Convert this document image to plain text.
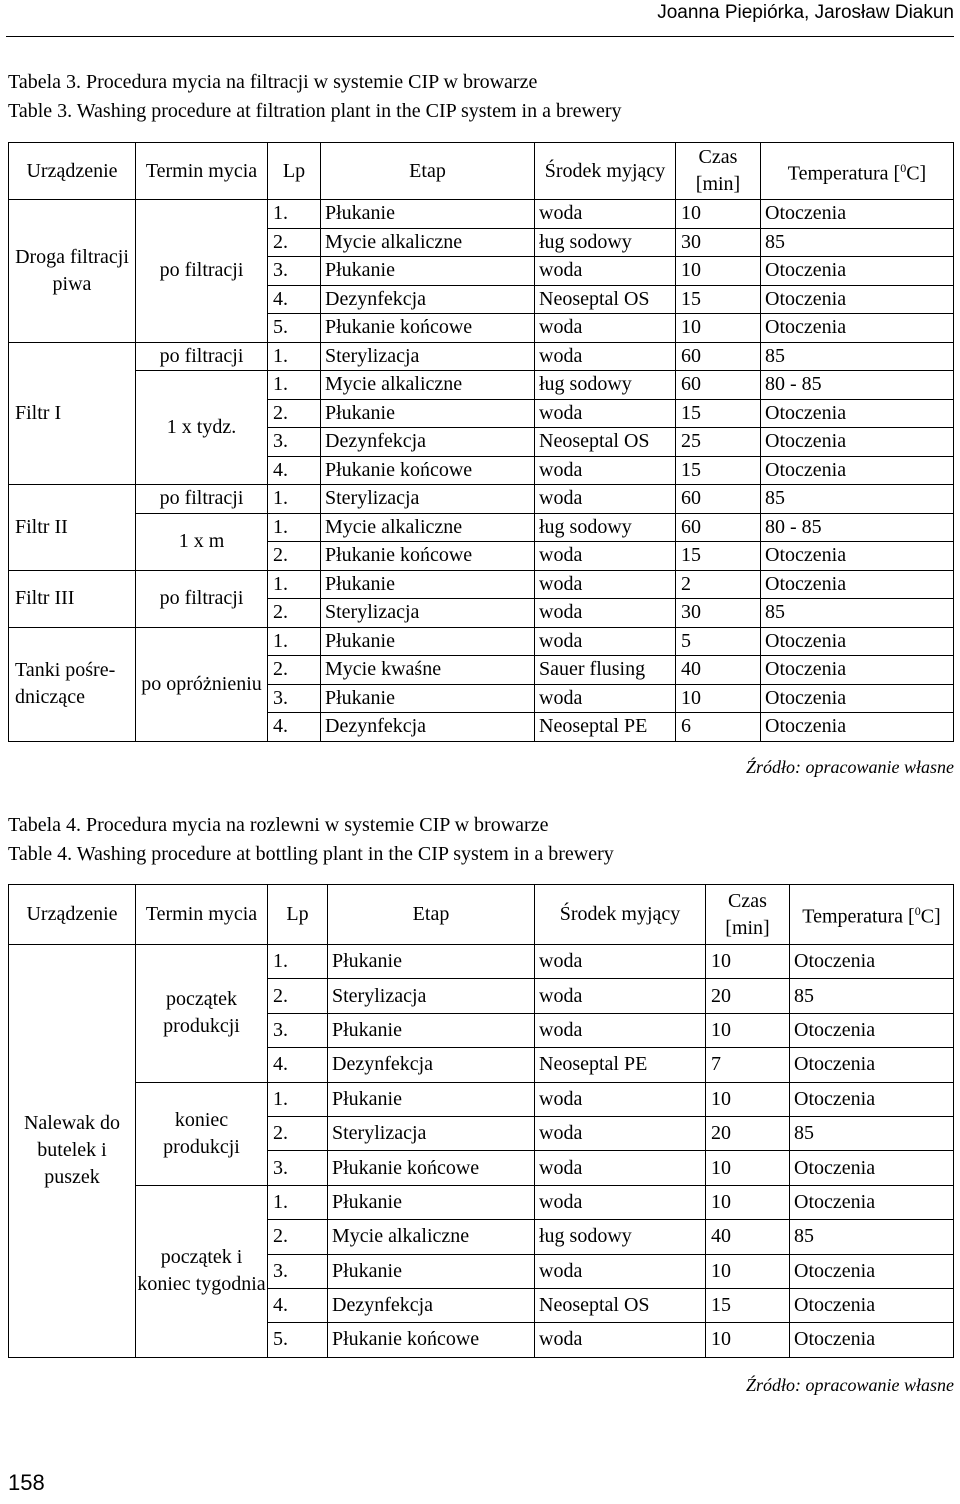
Joanna Piepiórka, Jarosław Diakun
Tabela 3. Procedura mycia na filtracji w systemie CIP w browarze
Table 3. Washing procedure at filtration plant in the CIP system in a brewery
Urządzenie	Termin mycia	Lp	Etap	Środek myjący	Czas [min]	Temperatura [$^0$C]
Droga filtracji piwa	po filtracji	1.	Płukanie	woda	10	Otoczenia
		2.	Mycie alkaliczne	ług sodowy	30	85
		3.	Płukanie	woda	10	Otoczenia
		4.	Dezynfekcja	Neoseptal OS	15	Otoczenia
		5.	Płukanie końcowe	woda	10	Otoczenia
Filtr I	po filtracji	1.	Sterylizacja	woda	60	85
	1 x tydz.	1.	Mycie alkaliczne	ług sodowy	60	80 - 85
		2.	Płukanie	woda	15	Otoczenia
		3.	Dezynfekcja	Neoseptal OS	25	Otoczenia
		4.	Płukanie końcowe	woda	15	Otoczenia
Filtr II	po filtracji	1.	Sterylizacja	woda	60	85
	1 x m	1.	Mycie alkaliczne	ług sodowy	60	80 - 85
		2.	Płukanie końcowe	woda	15	Otoczenia
Filtr III	po filtracji	1.	Płukanie	woda	2	Otoczenia
		2.	Sterylizacja	woda	30	85
Tanki pośre-dniczące	po opróżnieniu	1.	Płukanie	woda	5	Otoczenia
		2.	Mycie kwaśne	Sauer flusing	40	Otoczenia
		3.	Płukanie	woda	10	Otoczenia
		4.	Dezynfekcja	Neoseptal PE	6	Otoczenia
Źródło: opracowanie własne
Tabela 4. Procedura mycia na rozlewni w systemie CIP w browarze
Table 4. Washing procedure at bottling plant in the CIP system in a brewery
Urządzenie	Termin mycia	Lp	Etap	Środek myjący	Czas [min]	Temperatura [$^0$C]
Nalewak do butelek i puszek	początek produkcji	1.	Płukanie	woda	10	Otoczenia
		2.	Sterylizacja	woda	20	85
		3.	Płukanie	woda	10	Otoczenia
		4.	Dezynfekcja	Neoseptal PE	7	Otoczenia
	koniec produkcji	1.	Płukanie	woda	10	Otoczenia
		2.	Sterylizacja	woda	20	85
		3.	Płukanie końcowe	woda	10	Otoczenia
	początek i koniec tygodnia	1.	Płukanie	woda	10	Otoczenia
		2.	Mycie alkaliczne	ług sodowy	40	85
		3.	Płukanie	woda	10	Otoczenia
		4.	Dezynfekcja	Neoseptal OS	15	Otoczenia
		5.	Płukanie końcowe	woda	10	Otoczenia
Źródło: opracowanie własne
158
